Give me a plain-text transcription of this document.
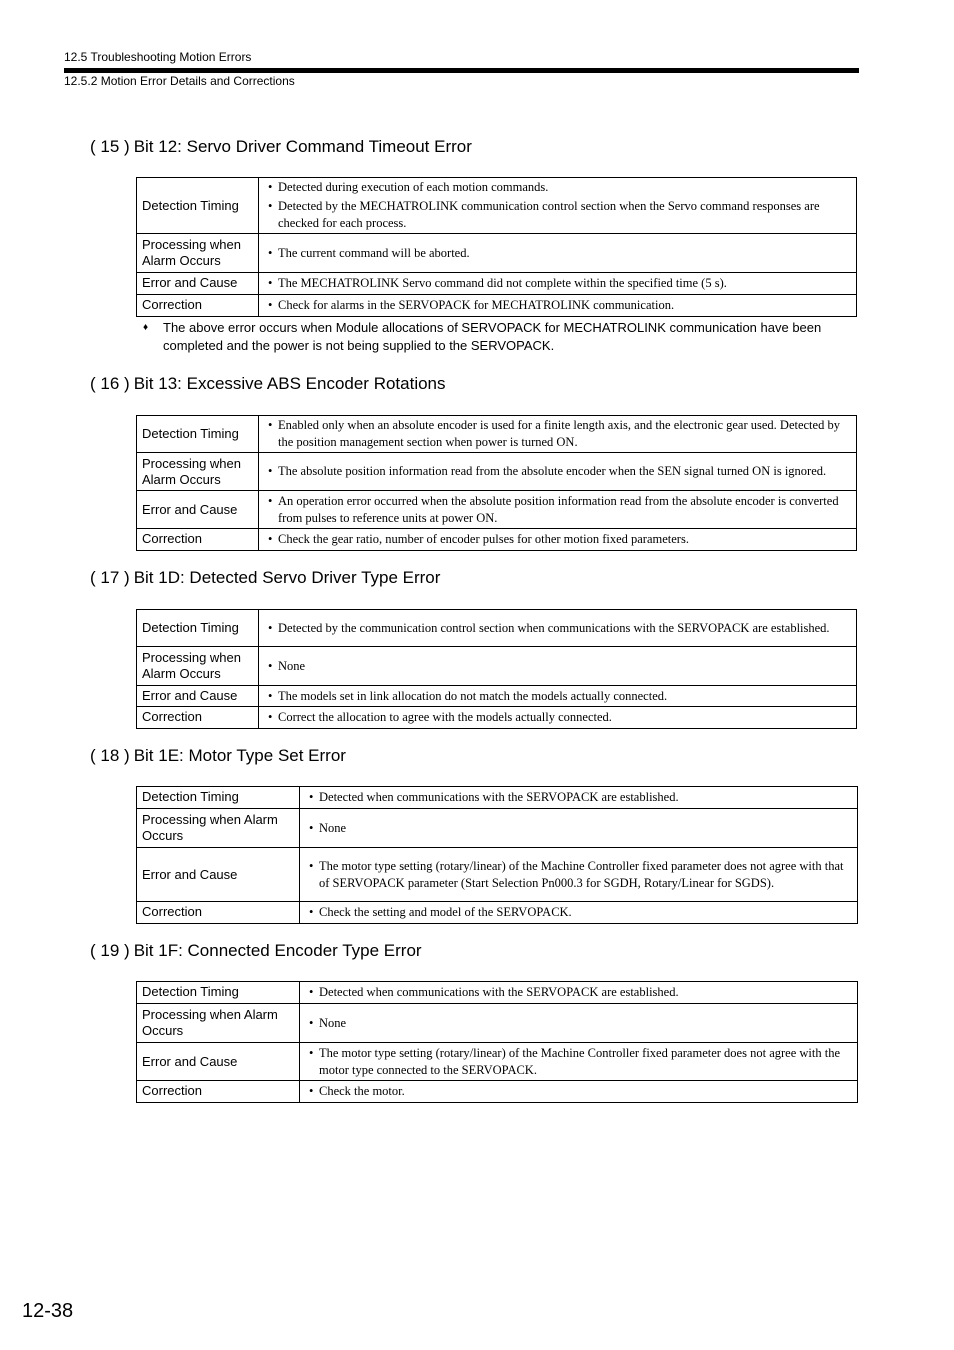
12.5 Troubleshooting Motion Errors
12.5.2 Motion Error Details and Corrections
( 15 ) Bit 12: Servo Driver Command Timeout Error
Detection Timing	• Detected during execution of each motion commands.
• Detected by the MECHATROLINK communication control section when the Servo command responses are checked for each process.

Processing when Alarm Occurs	• The current command will be aborted.

Error and Cause	• The MECHATROLINK Servo command did not complete within the specified time (5 s).

Correction	• Check for alarms in the SERVOPACK for MECHATROLINK communication.
♦	The above error occurs when Module allocations of SERVOPACK for MECHATROLINK communication have been completed and the power is not being supplied to the SERVOPACK.
( 16 ) Bit 13: Excessive ABS Encoder Rotations
Detection Timing	• Enabled only when an absolute encoder is used for a finite length axis, and the electronic gear used. Detected by the position management section when power is turned ON.

Processing when Alarm Occurs	• The absolute position information read from the absolute encoder when the SEN signal turned ON is ignored.

Error and Cause	• An operation error occurred when the absolute position information read from the absolute encoder is converted from pulses to reference units at power ON.

Correction	• Check the gear ratio, number of encoder pulses for other motion fixed parameters.
( 17 ) Bit 1D: Detected Servo Driver Type Error
Detection Timing	• Detected by the communication control section when communications with the SERVOPACK are established.

Processing when Alarm Occurs	• None

Error and Cause	• The models set in link allocation do not match the models actually connected.

Correction	• Correct the allocation to agree with the models actually connected.
( 18 ) Bit 1E: Motor Type Set Error
Detection Timing	• Detected when communications with the SERVOPACK are established.

Processing when Alarm Occurs	• None

Error and Cause	• The motor type setting (rotary/linear) of the Machine Controller fixed parameter does not agree with that of SERVOPACK parameter (Start Selection Pn000.3 for SGDH, Rotary/Linear for SGDS).

Correction	• Check the setting and model of the SERVOPACK.
( 19 ) Bit 1F: Connected Encoder Type Error
Detection Timing	• Detected when communications with the SERVOPACK are established.

Processing when Alarm Occurs	• None

Error and Cause	• The motor type setting (rotary/linear) of the Machine Controller fixed parameter does not agree with the motor type connected to the SERVOPACK.

Correction	• Check the motor.
12-38
